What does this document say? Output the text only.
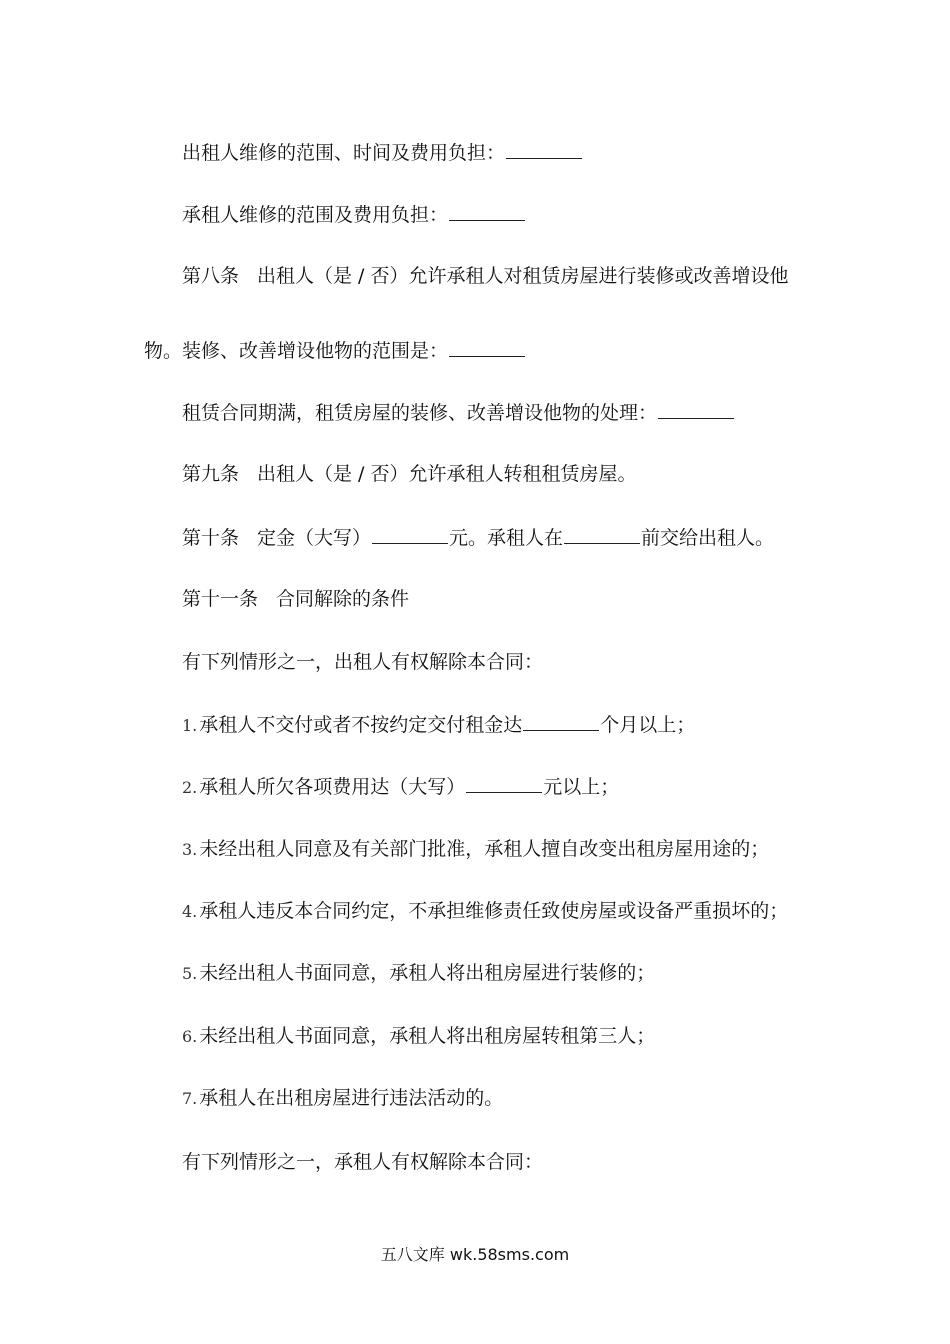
出租人维修的范围、时间及费用负担：
承租人维修的范围及费用负担：
第八条 出租人（是 / 否）允许承租人对租赁房屋进行装修或改善增设他
物。装修、改善增设他物的范围是：
租赁合同期满，租赁房屋的装修、改善增设他物的处理：
第九条 出租人（是 / 否）允许承租人转租租赁房屋。
第十条 定金（大写）	元。承租人在	前交给出租人。
第十一条 合同解除的条件
有下列情形之一，出租人有权解除本合同：
1. 承租人不交付或者不按约定交付租金达	个月以上；
2. 承租人所欠各项费用达（大写）	元以上；
3. 未经出租人同意及有关部门批准，承租人擅自改变出租房屋用途的；
4. 承租人违反本合同约定，不承担维修责任致使房屋或设备严重损坏的；
5. 未经出租人书面同意，承租人将出租房屋进行装修的；
6. 未经出租人书面同意，承租人将出租房屋转租第三人；
7. 承租人在出租房屋进行违法活动的。
有下列情形之一，承租人有权解除本合同：
五八文库 wk.58sms.com
